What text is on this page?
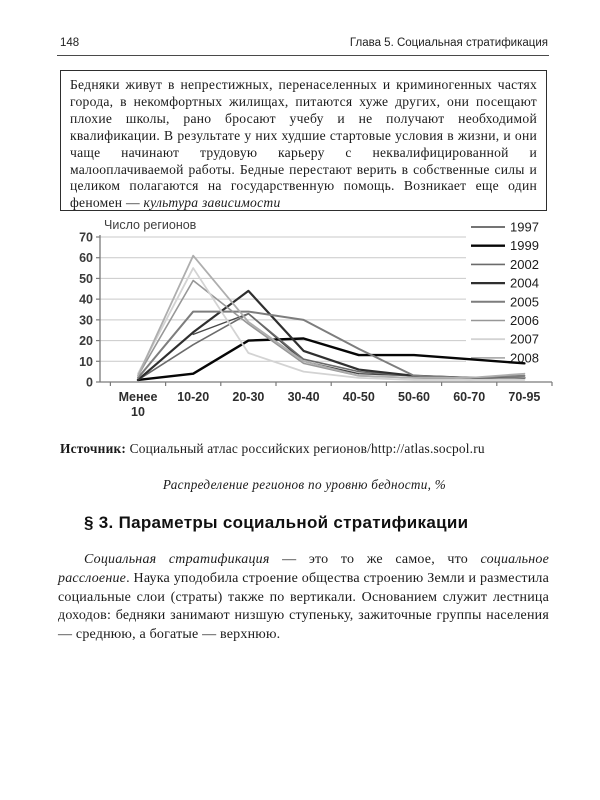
148	Глава 5. Социальная стратификация
Бедняки живут в непрестижных, перенаселенных и криминогенных частях города, в некомфортных жилищах, питаются хуже других, они посещают плохие школы, рано бросают учебу и не получают необходимой квалификации. В результате у них худшие стартовые условия в жизни, и они чаще начинают трудовую карьеру с неквалифицированной и малооплачиваемой работы. Бедные перестают верить в собственные силы и целиком полагаются на государственную помощь. Возникает еще один феномен — культура зависимости
1997
1999
2002
2004
2005
2006
2007
2008
0
10
20
30
40
50
60
70
Менее 10
10-20 20-30 30-40 40-50 50-60 60-70 70-95
Число регионов

Источник: Социальный атлас российских регионов/http://atlas.socpol.ru

Распределение регионов по уровню бедности, %

§ 3. Параметры социальной стратификации

Социальная стратификация — это то же самое, что социальное расслоение. Наука уподобила строение общества строению Земли и разместила социальные слои (страты) также по вертикали. Основанием служит лестница доходов: бедняки занимают низшую ступеньку, зажиточные группы населения — среднюю, а богатые — верхнюю.
